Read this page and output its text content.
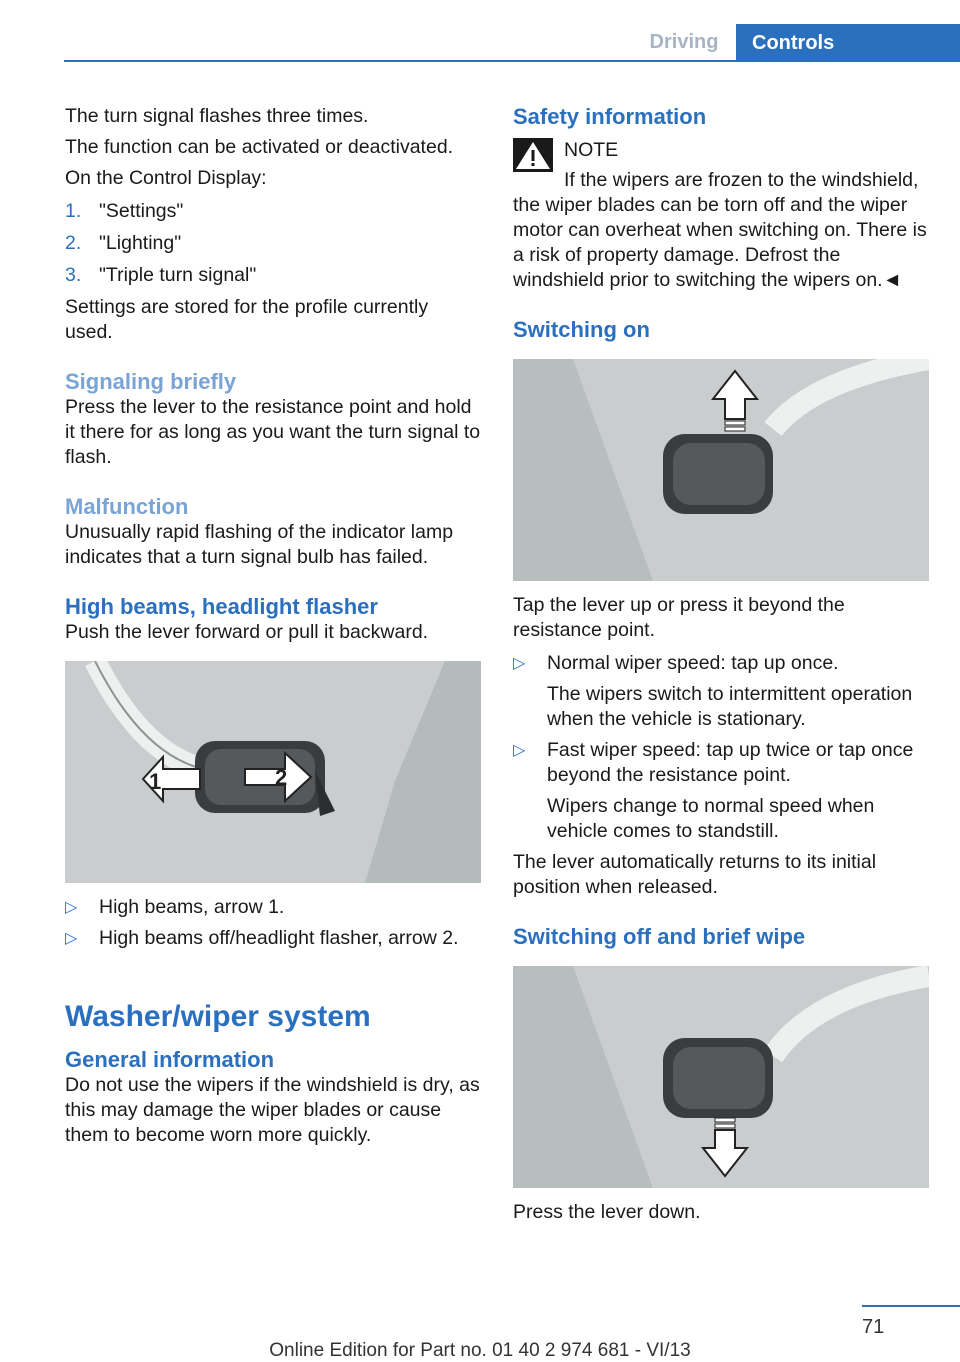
Driving	Controls

The turn signal flashes three times.

The function can be activated or deactivated.

On the Control Display:

1. "Settings"
2. "Lighting"
3. "Triple turn signal"

Settings are stored for the profile currently used.

Signaling briefly

Press the lever to the resistance point and hold it there for as long as you want the turn signal to flash.

Malfunction

Unusually rapid flashing of the indicator lamp indicates that a turn signal bulb has failed.

High beams, headlight flasher

Push the lever forward or pull it backward.

1	2
▷	High beams, arrow 1.
▷	High beams off/headlight flasher, arrow 2.
Washer/wiper system
General information

Do not use the wipers if the windshield is dry, as this may damage the wiper blades or cause them to become worn more quickly.

Safety information
NOTE

If the wipers are frozen to the windshield, the wiper blades can be torn off and the wiper motor can overheat when switching on. There is a risk of property damage. Defrost the windshield prior to switching the wipers on.◄

Switching on

Tap the lever up or press it beyond the resistance point.

▷	Normal wiper speed: tap up once.
The wipers switch to intermittent operation when the vehicle is stationary.
▷	Fast wiper speed: tap up twice or tap once beyond the resistance point.
Wipers change to normal speed when vehicle comes to standstill.

The lever automatically returns to its initial position when released.

Switching off and brief wipe

Press the lever down.

71
Online Edition for Part no. 01 40 2 974 681 - VI/13
